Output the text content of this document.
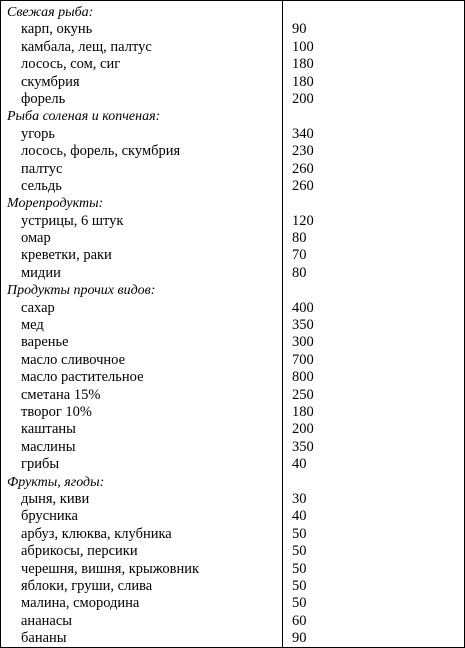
Свежая рыба:
карп, окунь	90
камбала, лещ, палтус	100
лосось, сом, сиг	180
скумбрия	180
форель	200
Рыба соленая и копченая:
угорь	340
лосось, форель, скумбрия	230
палтус	260
сельдь	260
Морепродукты:
устрицы, 6 штук	120
омар	80
креветки, раки	70
мидии	80
Продукты прочих видов:
сахар	400
мед	350
варенье	300
масло сливочное	700
масло растительное	800
сметана 15%	250
творог 10%	180
каштаны	200
маслины	350
грибы	40
Фрукты, ягоды:
дыня, киви	30
брусника	40
арбуз, клюква, клубника	50
абрикосы, персики	50
черешня, вишня, крыжовник	50
яблоки, груши, слива	50
малина, смородина	50
ананасы	60
бананы	90
